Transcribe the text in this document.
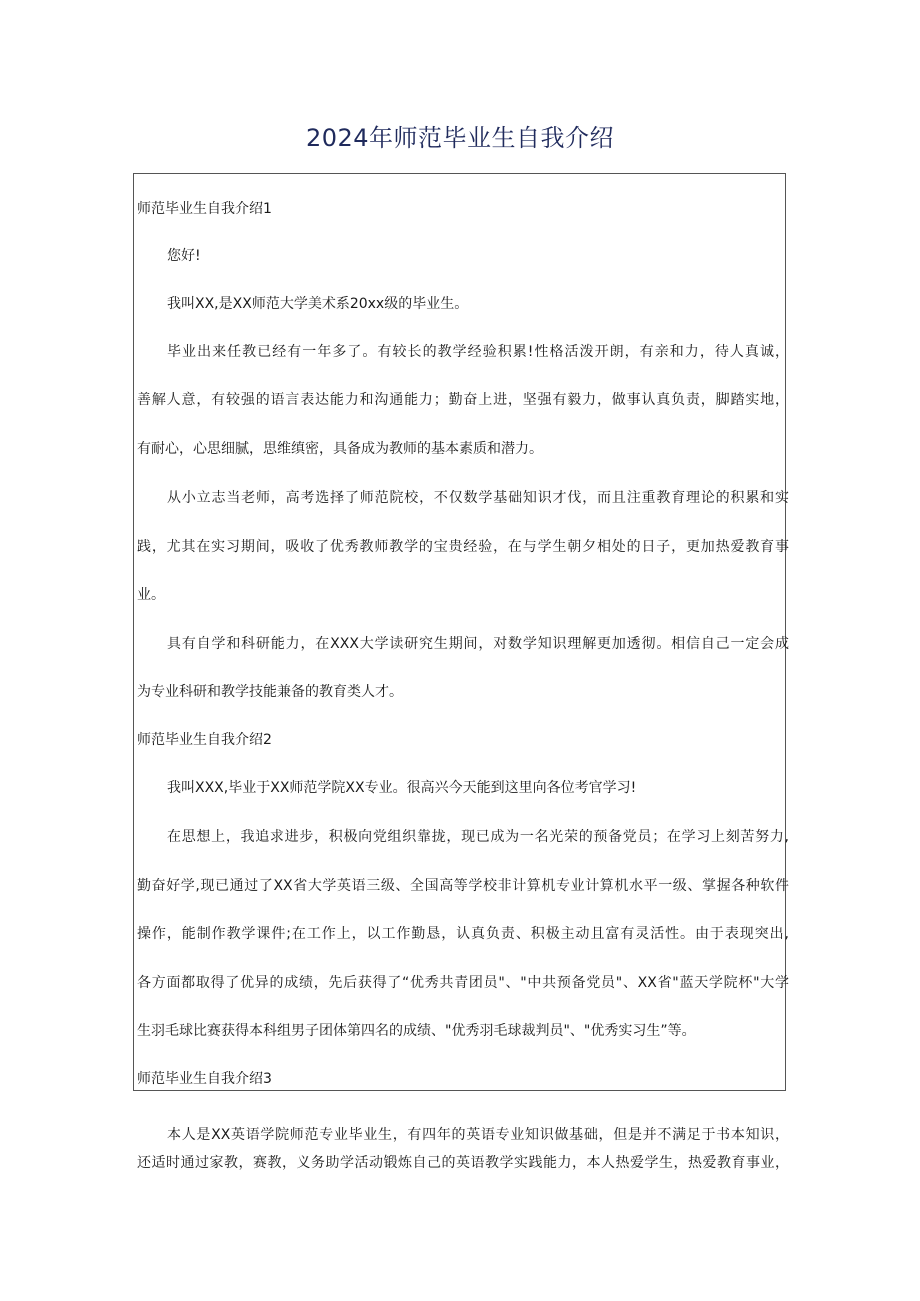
2024年师范毕业生自我介绍
师范毕业生自我介绍1
您好!
我叫XX,是XX师范大学美术系20xx级的毕业生。
毕业出来任教已经有一年多了。有较长的教学经验积累!性格活泼开朗，有亲和力，待人真诚，
善解人意，有较强的语言表达能力和沟通能力；勤奋上进，坚强有毅力，做事认真负责，脚踏实地，
有耐心，心思细腻，思维缜密，具备成为教师的基本素质和潜力。
从小立志当老师，高考选择了师范院校，不仅数学基础知识才伐，而且注重教育理论的积累和实
践，尤其在实习期间，吸收了优秀教师教学的宝贵经验，在与学生朝夕相处的日子，更加热爱教育事
业。
具有自学和科研能力，在XXX大学读研究生期间，对数学知识理解更加透彻。相信自己一定会成
为专业科研和教学技能兼备的教育类人才。
师范毕业生自我介绍2
我叫XXX,毕业于XX师范学院XX专业。很高兴今天能到这里向各位考官学习!
在思想上，我追求进步，积极向党组织靠拢，现已成为一名光荣的预备党员；在学习上刻苦努力,
勤奋好学,现已通过了XX省大学英语三级、全国高等学校非计算机专业计算机水平一级、掌握各种软件
操作，能制作教学课件;在工作上，以工作勤恳，认真负责、积极主动且富有灵活性。由于表现突出,
各方面都取得了优异的成绩，先后获得了“优秀共青团员"、"中共预备党员"、XX省"蓝天学院杯"大学
生羽毛球比赛获得本科组男子团体第四名的成绩、"优秀羽毛球裁判员"、"优秀实习生”等。
师范毕业生自我介绍3
本人是XX英语学院师范专业毕业生，有四年的英语专业知识做基础，但是并不满足于书本知识，
还适时通过家教，赛教，义务助学活动锻炼自己的英语教学实践能力，本人热爱学生，热爱教育事业，
